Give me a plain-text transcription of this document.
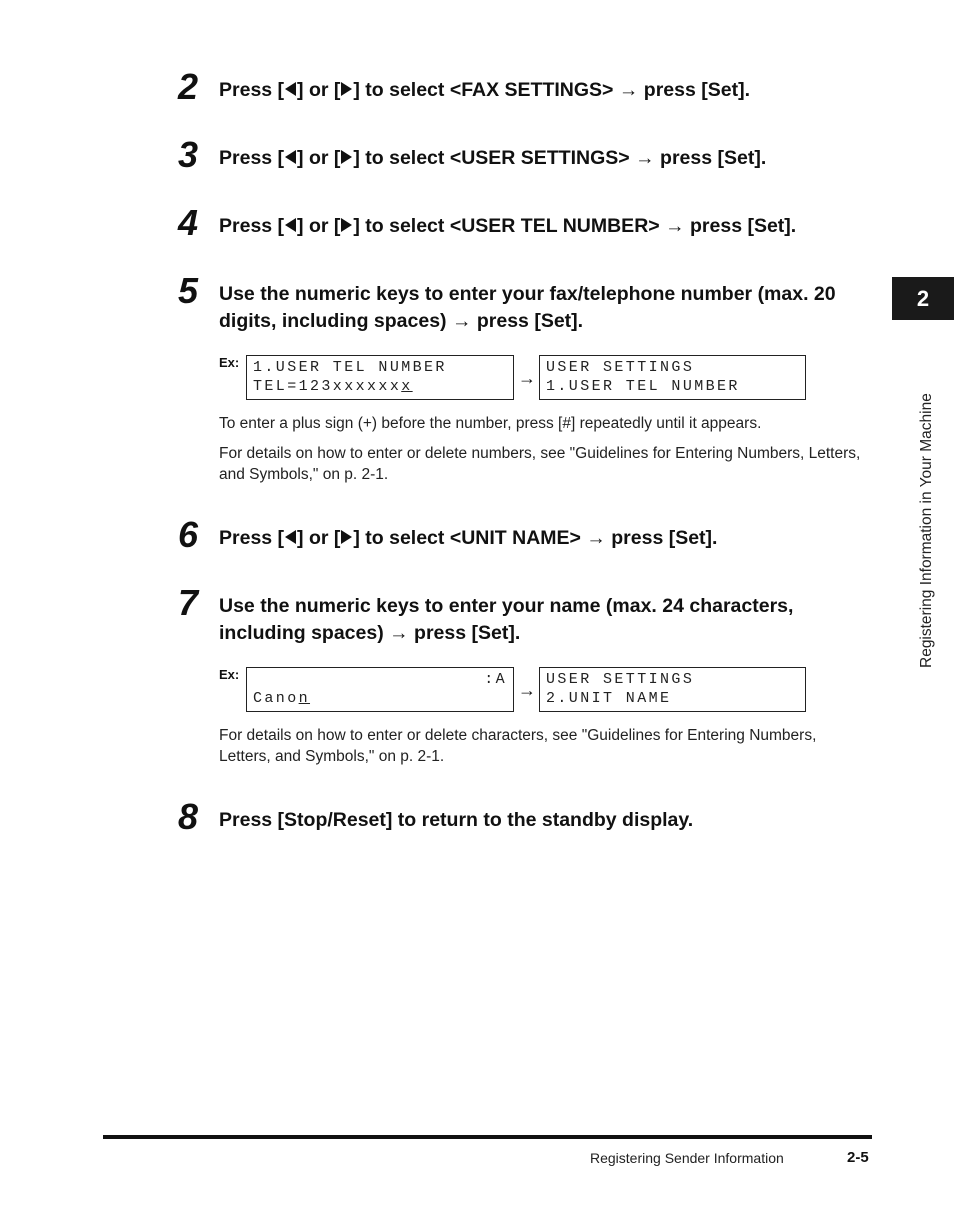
2	Press [ ] or [ ] to select <FAX SETTINGS> → press [Set].
3	Press [ ] or [ ] to select <USER SETTINGS> → press [Set].
4	Press [ ] or [ ] to select <USER TEL NUMBER> → press [Set].
5	Use the numeric keys to enter your fax/telephone number (max. 20 digits, including spaces) → press [Set].
Ex: 1.USER TEL NUMBER
TEL=123xxxxxxx	→
USER SETTINGS
1.USER TEL NUMBER
To enter a plus sign (+) before the number, press [#] repeatedly until it appears.
For details on how to enter or delete numbers, see "Guidelines for Entering Numbers, Letters, and Symbols," on p. 2-1.
6	Press [ ] or [ ] to select <UNIT NAME> → press [Set].
7	Use the numeric keys to enter your name (max. 24 characters, including spaces) → press [Set].
Ex:	:A
Canon	→
USER SETTINGS
2.UNIT NAME
For details on how to enter or delete characters, see "Guidelines for Entering Numbers, Letters, and Symbols," on p. 2-1.
8	Press [Stop/Reset] to return to the standby display.
2
Registering Information in Your Machine
Registering Sender Information	2-5
